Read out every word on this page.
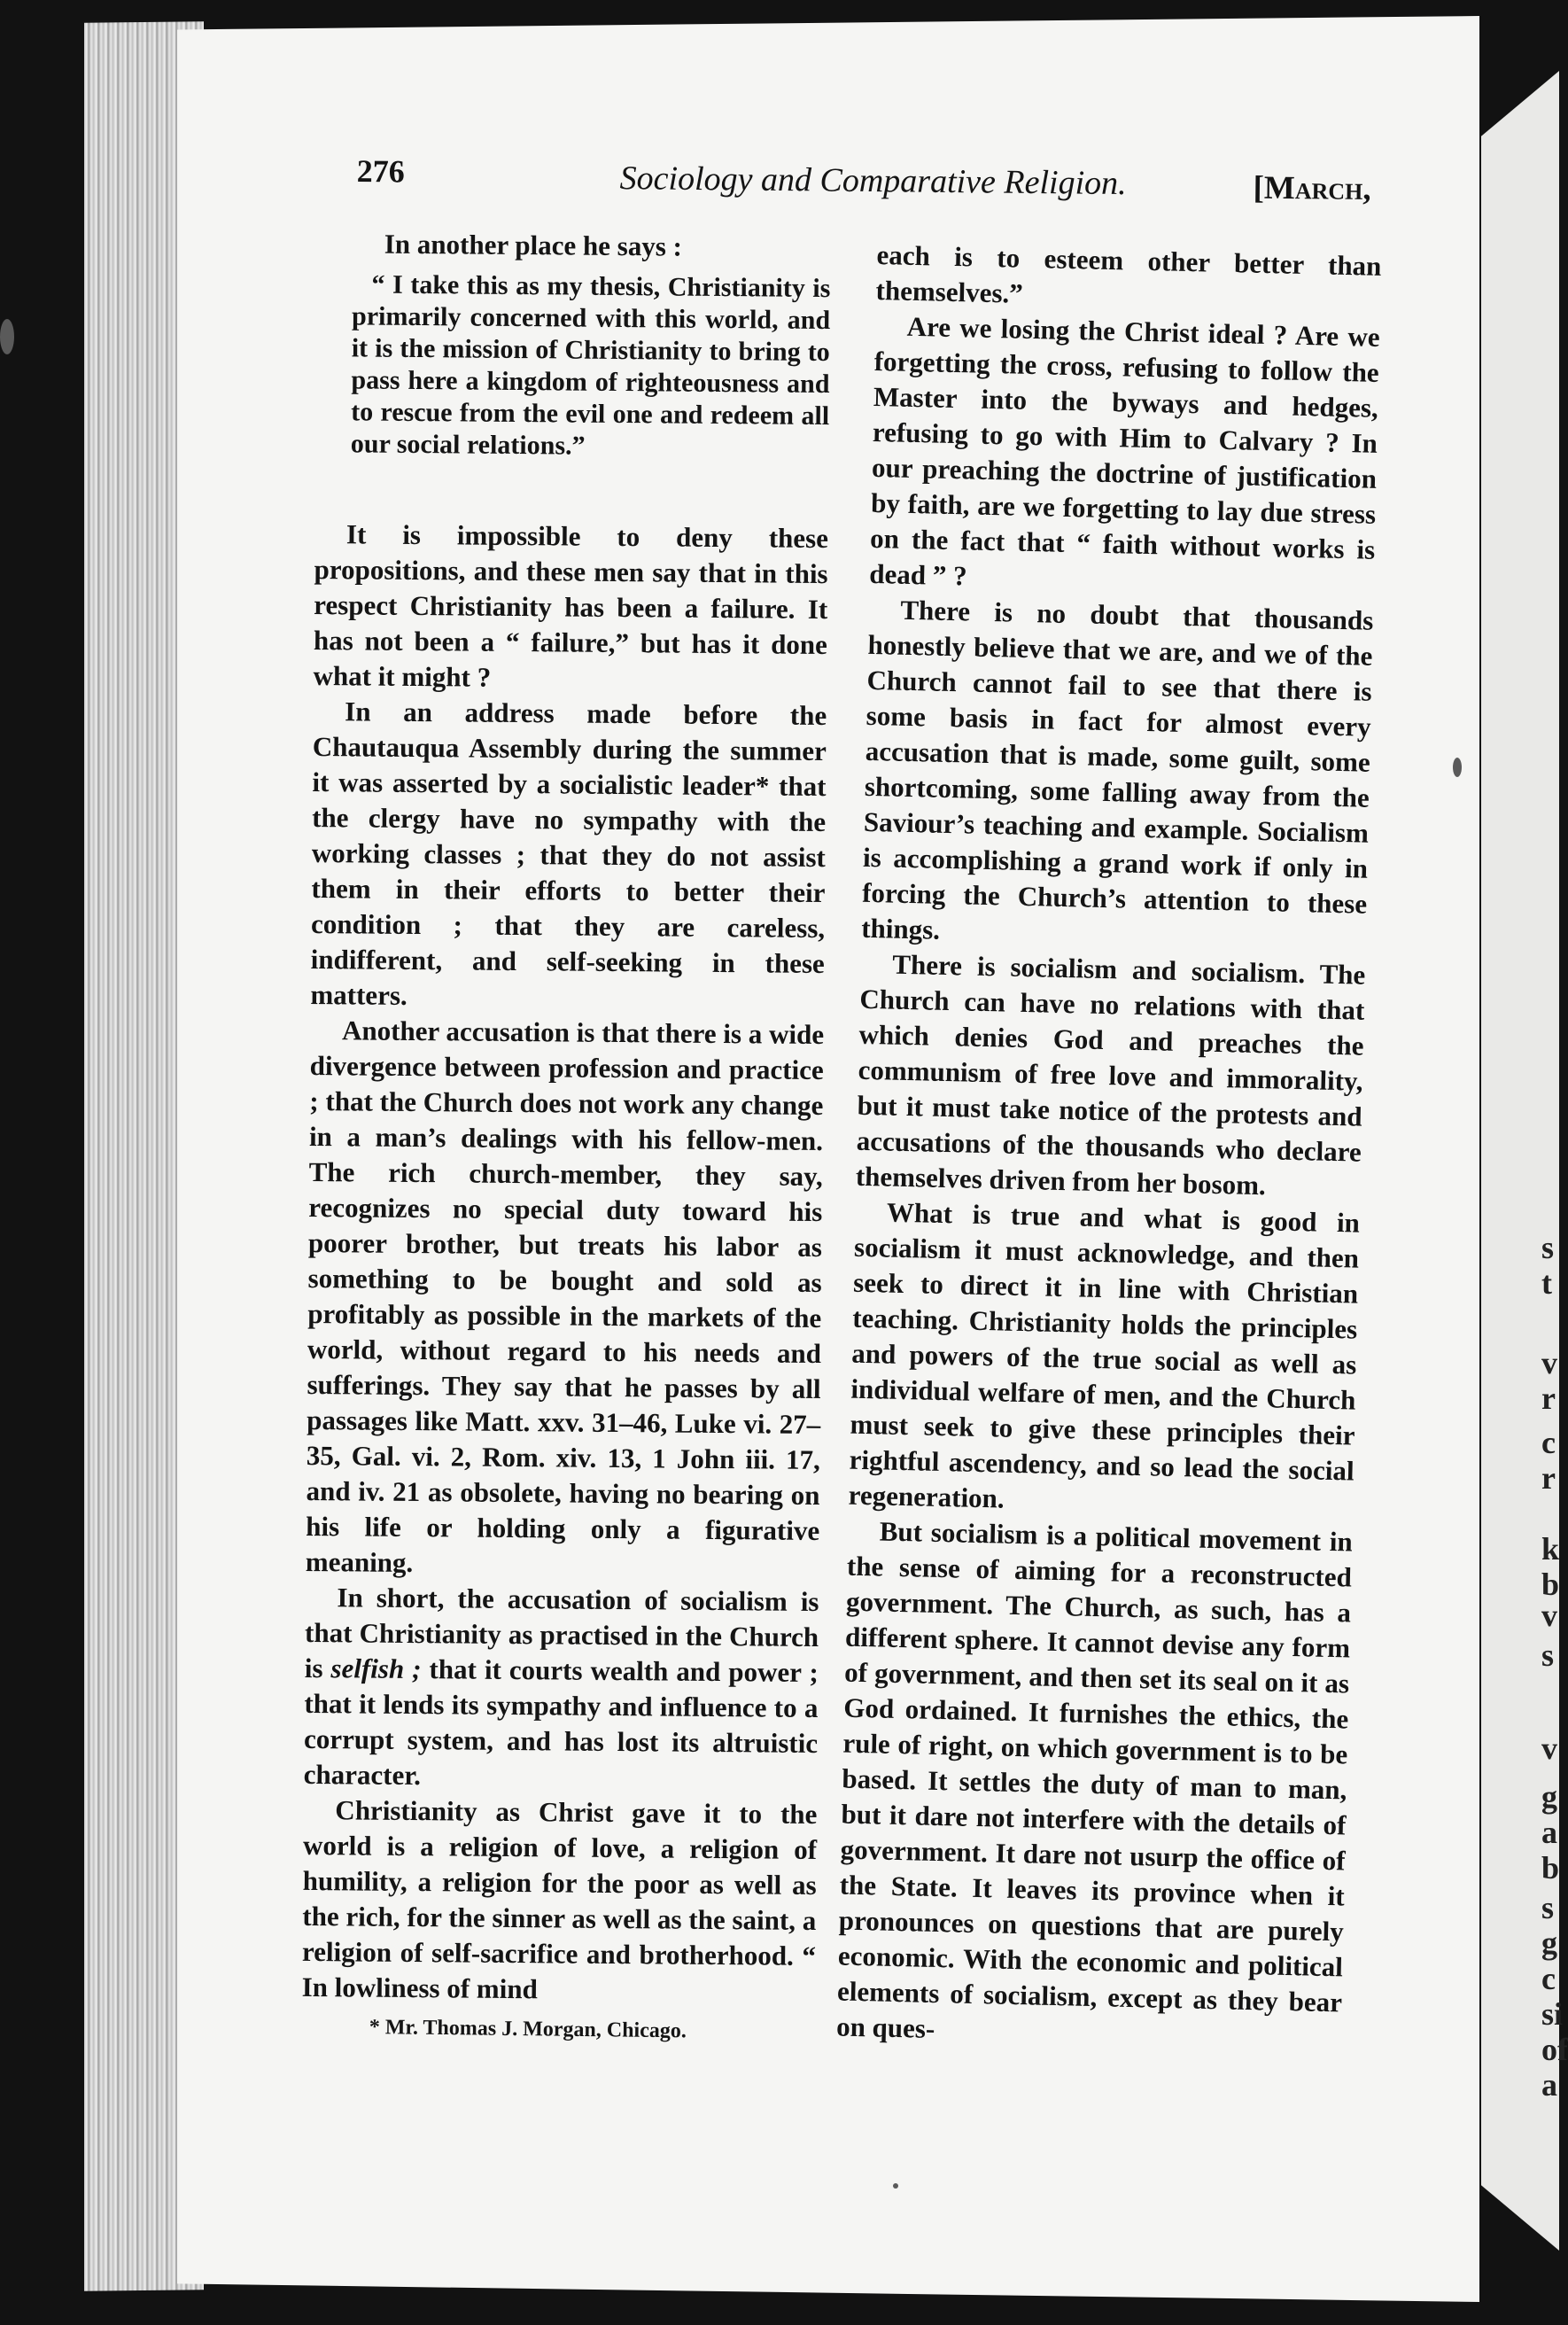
s
t
v
r
c
r
k
b
v
s
v
g
a
b
s
g
c
si
of
a
276	Sociology and Comparative Religion.	[March,

In another place he says :

“ I take this as my thesis, Christianity is primarily concerned with this world, and it is the mission of Christianity to bring to pass here a kingdom of righteousness and to rescue from the evil one and redeem all our social relations.”

It is impossible to deny these propositions, and these men say that in this respect Christianity has been a failure. It has not been a “ failure,” but has it done what it might ?

In an address made before the Chautauqua Assembly during the summer it was asserted by a socialistic leader* that the clergy have no sympathy with the working classes ; that they do not assist them in their efforts to better their condition ; that they are careless, indifferent, and self-seeking in these matters.

Another accusation is that there is a wide divergence between profession and practice ; that the Church does not work any change in a man’s dealings with his fellow-men. The rich church-member, they say, recognizes no special duty toward his poorer brother, but treats his labor as something to be bought and sold as profitably as possible in the markets of the world, without regard to his needs and sufferings. They say that he passes by all passages like Matt. xxv. 31–46, Luke vi. 27–35, Gal. vi. 2, Rom. xiv. 13, 1 John iii. 17, and iv. 21 as obsolete, having no bearing on his life or holding only a figurative meaning.

In short, the accusation of socialism is that Christianity as practised in the Church is selfish ; that it courts wealth and power ; that it lends its sympathy and influence to a corrupt system, and has lost its altruistic character.

Christianity as Christ gave it to the world is a religion of love, a religion of humility, a religion for the poor as well as the rich, for the sinner as well as the saint, a religion of self-sacrifice and brotherhood. “ In lowliness of mind

each is to esteem other better than themselves.”

Are we losing the Christ ideal ? Are we forgetting the cross, refusing to follow the Master into the byways and hedges, refusing to go with Him to Calvary ? In our preaching the doctrine of justification by faith, are we forgetting to lay due stress on the fact that “ faith without works is dead ” ?

There is no doubt that thousands honestly believe that we are, and we of the Church cannot fail to see that there is some basis in fact for almost every accusation that is made, some guilt, some shortcoming, some falling away from the Saviour’s teaching and example. Socialism is accomplishing a grand work if only in forcing the Church’s attention to these things.

There is socialism and socialism. The Church can have no relations with that which denies God and preaches the communism of free love and immorality, but it must take notice of the protests and accusations of the thousands who declare themselves driven from her bosom.

What is true and what is good in socialism it must acknowledge, and then seek to direct it in line with Christian teaching. Christianity holds the principles and powers of the true social as well as individual welfare of men, and the Church must seek to give these principles their rightful ascendency, and so lead the social regeneration.

But socialism is a political movement in the sense of aiming for a reconstructed government. The Church, as such, has a different sphere. It cannot devise any form of government, and then set its seal on it as God ordained. It furnishes the ethics, the rule of right, on which government is to be based. It settles the duty of man to man, but it dare not interfere with the details of government. It dare not usurp the office of the State. It leaves its province when it pronounces on questions that are purely economic. With the economic and political elements of socialism, except as they bear on ques-

* Mr. Thomas J. Morgan, Chicago.
